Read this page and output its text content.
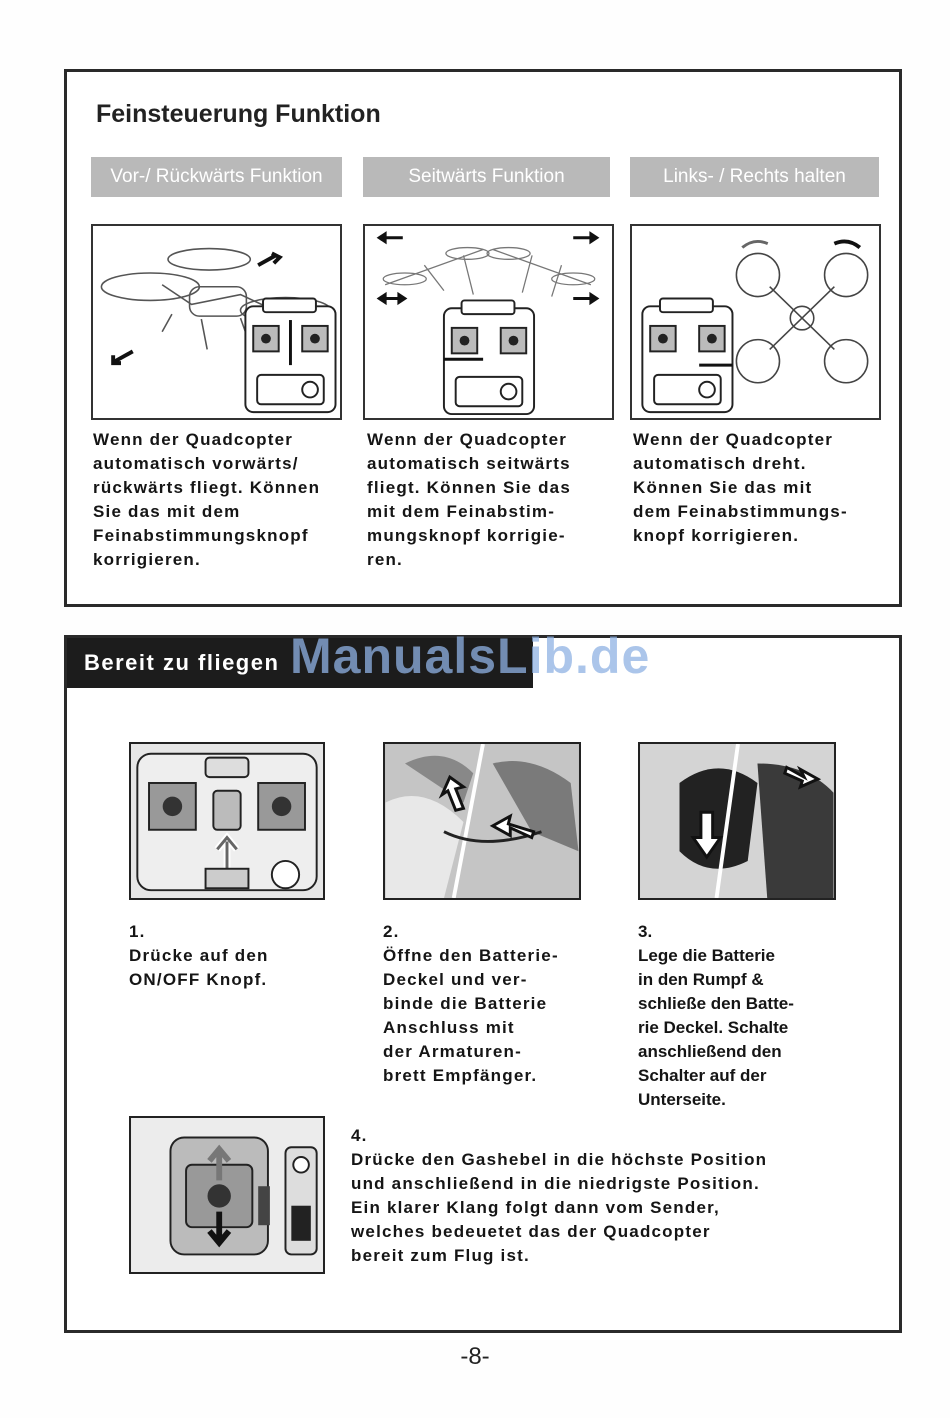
Feinsteuerung Funktion
Vor-/ Rückwärts Funktion	Seitwärts Funktion	Links- / Rechts halten

Wenn der Quadcopter
automatisch vorwärts/
rückwärts fliegt. Können
Sie das mit dem
Feinabstimmungsknopf
korrigieren.

Wenn der Quadcopter
automatisch seitwärts
fliegt. Können Sie das
mit dem Feinabstim-
mungsknopf korrigie-
ren.

Wenn der Quadcopter
automatisch dreht.
Können Sie das mit
dem Feinabstimmungs-
knopf korrigieren.

Bereit zu fliegen

1.
Drücke auf den
ON/OFF Knopf.

2.
Öffne den Batterie-
Deckel und ver-
binde die Batterie
Anschluss mit
der Armaturen-
brett Empfänger.

3.
Lege die Batterie
in den Rumpf &
schließe den Batte-
rie Deckel. Schalte
anschließend den
Schalter auf der
Unterseite.

4.
Drücke den Gashebel in die höchste Position
und anschließend in die niedrigste Position.
Ein klarer Klang folgt dann vom Sender,
welches bedeuetet das der Quadcopter
bereit zum Flug ist.

ManualsLib.de
-8-
